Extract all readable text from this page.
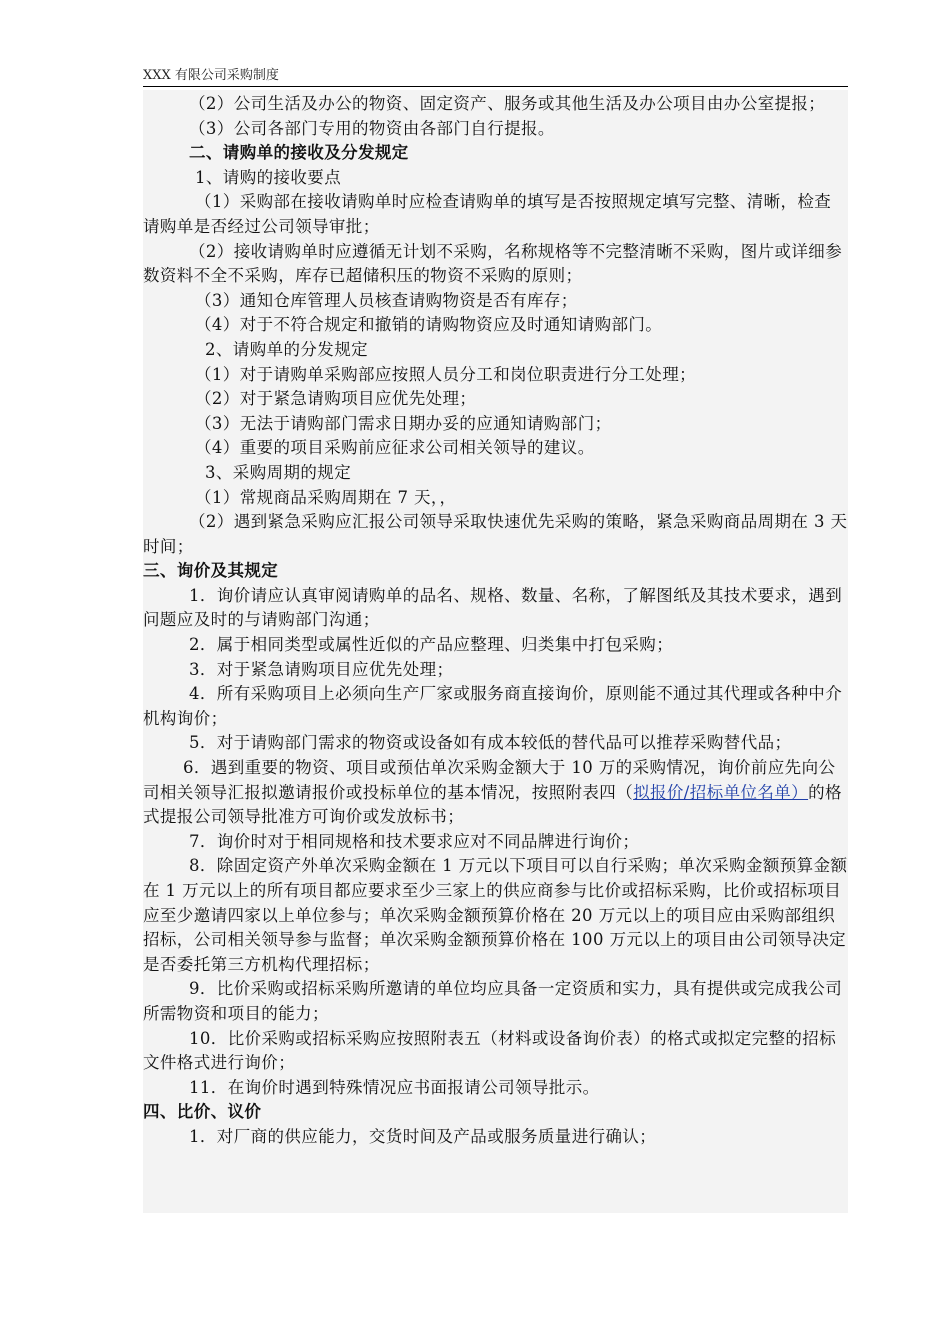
XXX 有限公司采购制度

（2）公司生活及办公的物资、固定资产、服务或其他生活及办公项目由办公室提报；

（3）公司各部门专用的物资由各部门自行提报。

二、请购单的接收及分发规定

1、请购的接收要点

（1）采购部在接收请购单时应检查请购单的填写是否按照规定填写完整、清晰，检查请购单是否经过公司领导审批；

（2）接收请购单时应遵循无计划不采购，名称规格等不完整清晰不采购，图片或详细参数资料不全不采购，库存已超储积压的物资不采购的原则；

（3）通知仓库管理人员核查请购物资是否有库存；

（4）对于不符合规定和撤销的请购物资应及时通知请购部门。

2、请购单的分发规定

（1）对于请购单采购部应按照人员分工和岗位职责进行分工处理；

（2）对于紧急请购项目应优先处理；

（3）无法于请购部门需求日期办妥的应通知请购部门；

（4）重要的项目采购前应征求公司相关领导的建议。

3、采购周期的规定

（1）常规商品采购周期在 7 天，，

（2）遇到紧急采购应汇报公司领导采取快速优先采购的策略，紧急采购商品周期在 3 天时间；

三、询价及其规定

1．询价请应认真审阅请购单的品名、规格、数量、名称，了解图纸及其技术要求，遇到问题应及时的与请购部门沟通；

2．属于相同类型或属性近似的产品应整理、归类集中打包采购；

3．对于紧急请购项目应优先处理；

4．所有采购项目上必须向生产厂家或服务商直接询价，原则能不通过其代理或各种中介机构询价；

5．对于请购部门需求的物资或设备如有成本较低的替代品可以推荐采购替代品；

6．遇到重要的物资、项目或预估单次采购金额大于 10 万的采购情况，询价前应先向公司相关领导汇报拟邀请报价或投标单位的基本情况，按照附表四（拟报价/招标单位名单）的格式提报公司领导批准方可询价或发放标书；

7．询价时对于相同规格和技术要求应对不同品牌进行询价；

8．除固定资产外单次采购金额在 1 万元以下项目可以自行采购；单次采购金额预算金额在 1 万元以上的所有项目都应要求至少三家上的供应商参与比价或招标采购，比价或招标项目应至少邀请四家以上单位参与；单次采购金额预算价格在 20 万元以上的项目应由采购部组织招标，公司相关领导参与监督；单次采购金额预算价格在 100 万元以上的项目由公司领导决定是否委托第三方机构代理招标；

9．比价采购或招标采购所邀请的单位均应具备一定资质和实力，具有提供或完成我公司所需物资和项目的能力；

10．比价采购或招标采购应按照附表五（材料或设备询价表）的格式或拟定完整的招标文件格式进行询价；

11．在询价时遇到特殊情况应书面报请公司领导批示。

四、比价、议价

1．对厂商的供应能力，交货时间及产品或服务质量进行确认；
